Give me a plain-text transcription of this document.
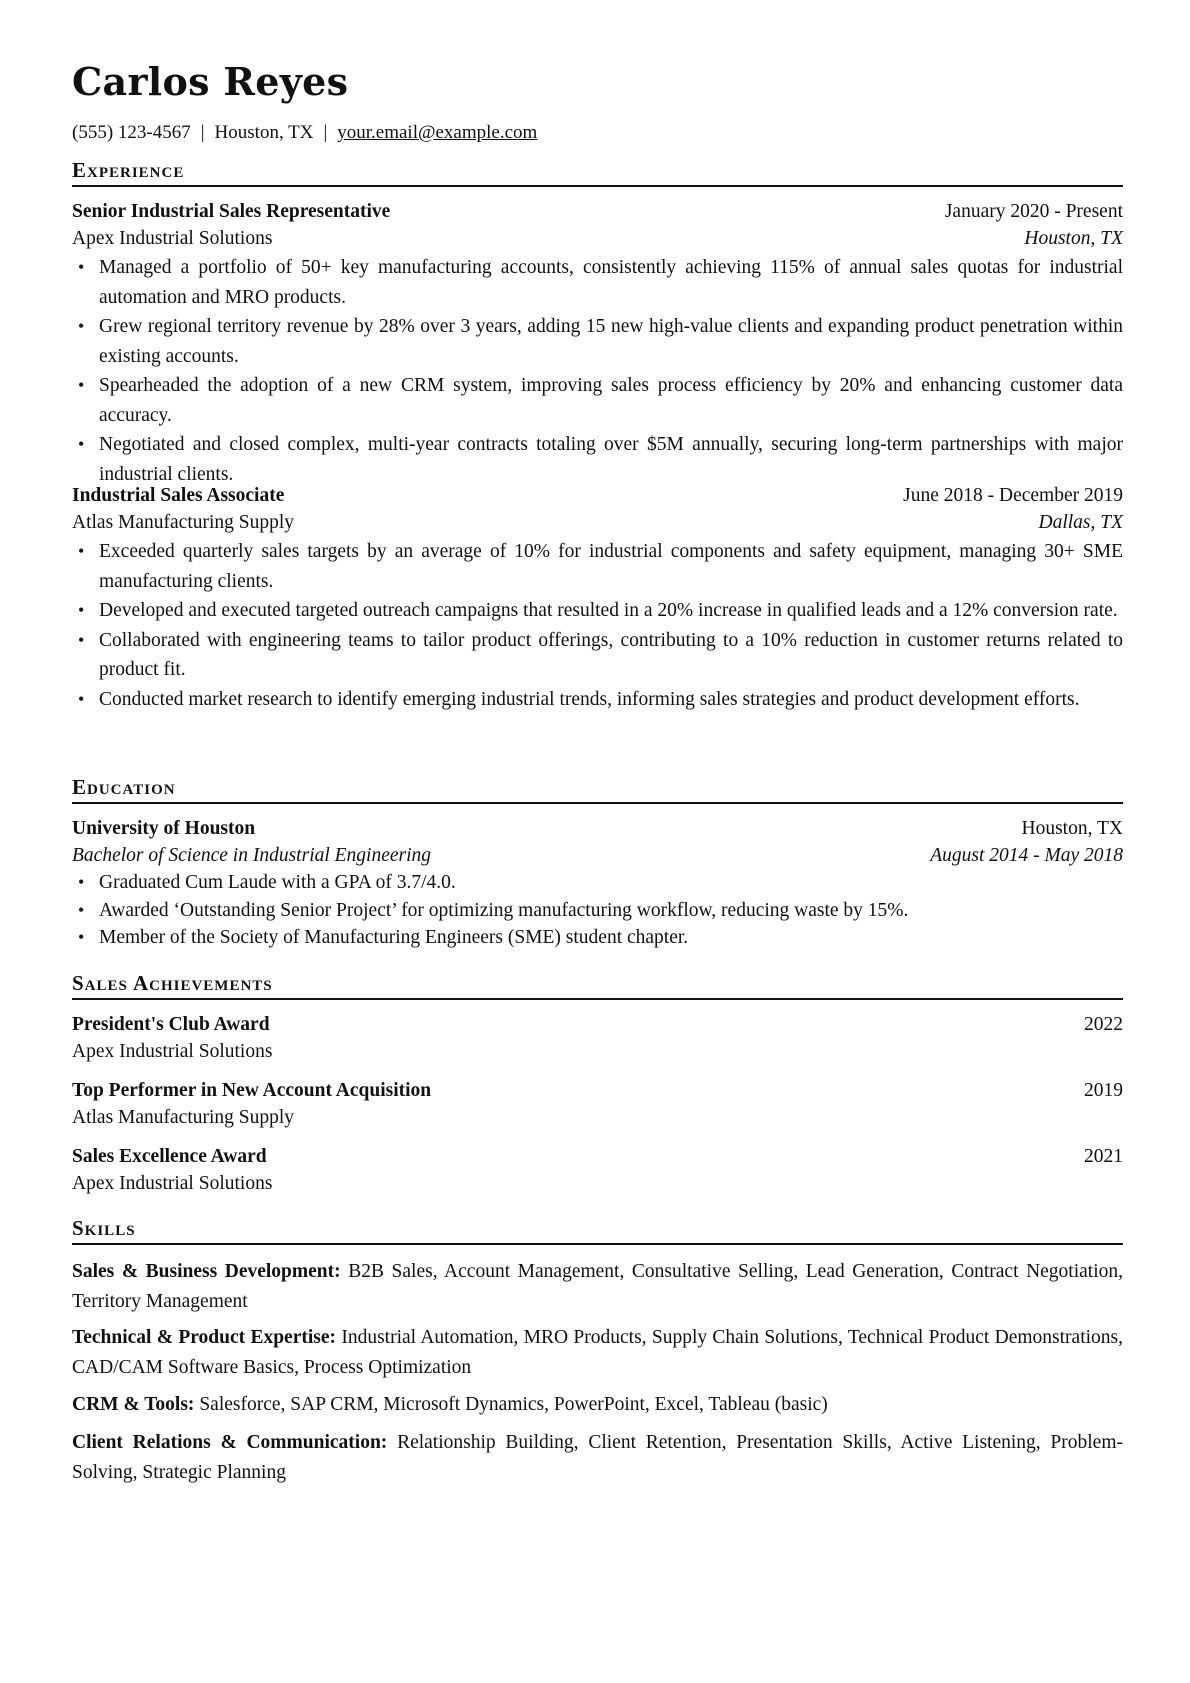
Carlos Reyes
(555) 123-4567 | Houston, TX | your.email@example.com
Experience
Senior Industrial Sales Representative	January 2020 - Present
Apex Industrial Solutions	Houston, TX
• Managed a portfolio of 50+ key manufacturing accounts, consistently achieving 115% of annual sales quotas for industrial automation and MRO products.
• Grew regional territory revenue by 28% over 3 years, adding 15 new high-value clients and expanding product penetration within existing accounts.
• Spearheaded the adoption of a new CRM system, improving sales process efficiency by 20% and enhancing customer data accuracy.
• Negotiated and closed complex, multi-year contracts totaling over $5M annually, securing long-term partnerships with major industrial clients.
Industrial Sales Associate	June 2018 - December 2019
Atlas Manufacturing Supply	Dallas, TX
• Exceeded quarterly sales targets by an average of 10% for industrial components and safety equipment, managing 30+ SME manufacturing clients.
• Developed and executed targeted outreach campaigns that resulted in a 20% increase in qualified leads and a 12% conversion rate.
• Collaborated with engineering teams to tailor product offerings, contributing to a 10% reduction in customer returns related to product fit.
• Conducted market research to identify emerging industrial trends, informing sales strategies and product development efforts.
Education
University of Houston	Houston, TX
Bachelor of Science in Industrial Engineering	August 2014 - May 2018
• Graduated Cum Laude with a GPA of 3.7/4.0.
• Awarded ‘Outstanding Senior Project’ for optimizing manufacturing workflow, reducing waste by 15%.
• Member of the Society of Manufacturing Engineers (SME) student chapter.
Sales Achievements
President's Club Award	2022
Apex Industrial Solutions
Top Performer in New Account Acquisition	2019
Atlas Manufacturing Supply
Sales Excellence Award	2021
Apex Industrial Solutions
Skills
Sales & Business Development: B2B Sales, Account Management, Consultative Selling, Lead Generation, Contract Negotiation, Territory Management
Technical & Product Expertise: Industrial Automation, MRO Products, Supply Chain Solutions, Technical Product Demonstrations, CAD/CAM Software Basics, Process Optimization
CRM & Tools: Salesforce, SAP CRM, Microsoft Dynamics, PowerPoint, Excel, Tableau (basic)
Client Relations & Communication: Relationship Building, Client Retention, Presentation Skills, Active Listening, Problem-Solving, Strategic Planning
